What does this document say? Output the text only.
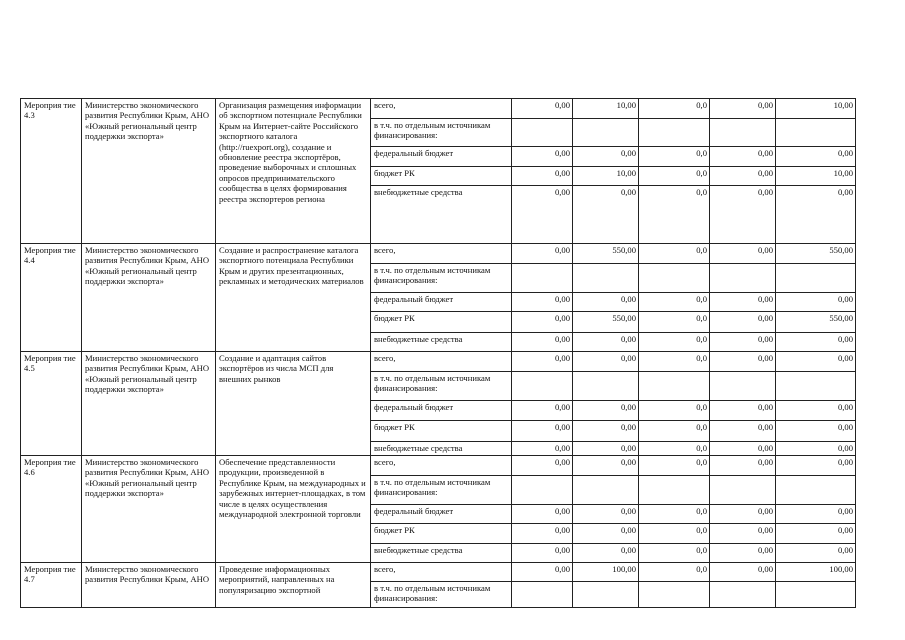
Мероприя тие 4.3	Министерство экономического развития Республики Крым, АНО «Южный региональный центр поддержки экспорта»	Организация размещения информации об экспортном потенциале Республики Крым на Интернет-сайте Российского экспортного каталога (http://ruexport.org), создание и обновление реестра экспортёров, проведение выборочных и сплошных опросов предпринимательского сообщества в целях формирования реестра экспортеров региона	всего,	0,00	10,00	0,0	0,00	10,00
			в т.ч. по отдельным источникам финансирования:					
			федеральный бюджет	0,00	0,00	0,0	0,00	0,00
			бюджет РК	0,00	10,00	0,0	0,00	10,00
			внебюджетные средства	0,00	0,00	0,0	0,00	0,00
Мероприя тие 4.4	Министерство экономического развития Республики Крым, АНО «Южный региональный центр поддержки экспорта»	Создание и распространение каталога экспортного потенциала Республики Крым и других презентационных, рекламных и методических материалов	всего,	0,00	550,00	0,0	0,00	550,00
			в т.ч. по отдельным источникам финансирования:					
			федеральный бюджет	0,00	0,00	0,0	0,00	0,00
			бюджет РК	0,00	550,00	0,0	0,00	550,00
			внебюджетные средства	0,00	0,00	0,0	0,00	0,00
Мероприя тие 4.5	Министерство экономического развития Республики Крым, АНО «Южный региональный центр поддержки экспорта»	Создание и адаптация сайтов экспортёров из числа МСП для внешних рынков	всего,	0,00	0,00	0,0	0,00	0,00
			в т.ч. по отдельным источникам финансирования:					
			федеральный бюджет	0,00	0,00	0,0	0,00	0,00
			бюджет РК	0,00	0,00	0,0	0,00	0,00
			внебюджетные средства	0,00	0,00	0,0	0,00	0,00
Мероприя тие 4.6	Министерство экономического развития Республики Крым, АНО «Южный региональный центр поддержки экспорта»	Обеспечение представленности продукции, произведенной в Республике Крым, на международных и зарубежных интернет-площадках, в том числе в целях осуществления международной электронной торговли	всего,	0,00	0,00	0,0	0,00	0,00
			в т.ч. по отдельным источникам финансирования:					
			федеральный бюджет	0,00	0,00	0,0	0,00	0,00
			бюджет РК	0,00	0,00	0,0	0,00	0,00
			внебюджетные средства	0,00	0,00	0,0	0,00	0,00
Мероприя тие 4.7	Министерство экономического развития Республики Крым, АНО	Проведение информационных мероприятий, направленных на популяризацию экспортной	всего,	0,00	100,00	0,0	0,00	100,00
			в т.ч. по отдельным источникам финансирования:					
